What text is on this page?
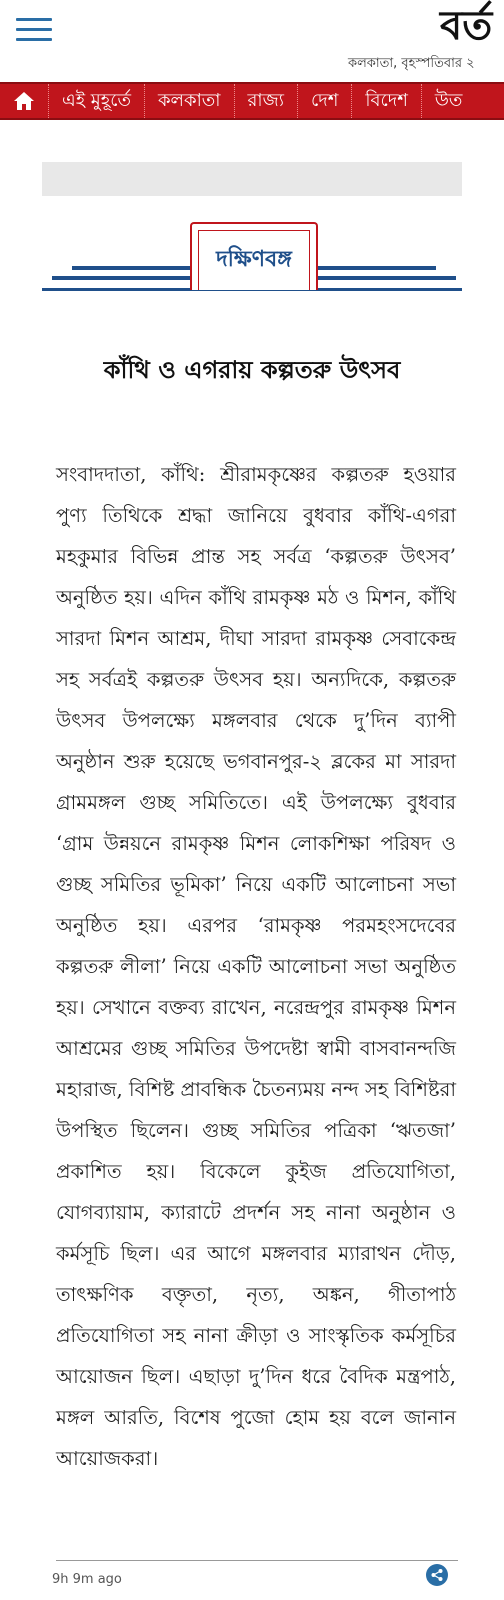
বর্ত
কলকাতা, বৃহস্পতিবার ২
এই মুহূর্তে	কলকাতা	রাজ্য	দেশ	বিদেশ	উত
দক্ষিণবঙ্গ
কাঁথি ও এগরায় কল্পতরু উৎসব
সংবাদদাতা, কাঁথি: শ্রীরামকৃষ্ণের কল্পতরু হওয়ার পুণ্য তিথিকে শ্রদ্ধা জানিয়ে বুধবার কাঁথি-এগরা মহকুমার বিভিন্ন প্রান্ত সহ সর্বত্র ‘কল্পতরু উৎসব’ অনুষ্ঠিত হয়। এদিন কাঁথি রামকৃষ্ণ মঠ ও মিশন, কাঁথি সারদা মিশন আশ্রম, দীঘা সারদা রামকৃষ্ণ সেবাকেন্দ্র সহ সর্বত্রই কল্পতরু উৎসব হয়। অন্যদিকে, কল্পতরু উৎসব উপলক্ষ্যে মঙ্গলবার থেকে দু’দিন ব্যাপী অনুষ্ঠান শুরু হয়েছে ভগবানপুর-২ ব্লকের মা সারদা গ্রামমঙ্গল গুচ্ছ সমিতিতে। এই উপলক্ষ্যে বুধবার ‘গ্রাম উন্নয়নে রামকৃষ্ণ মিশন লোকশিক্ষা পরিষদ ও গুচ্ছ সমিতির ভূমিকা’ নিয়ে একটি আলোচনা সভা অনুষ্ঠিত হয়। এরপর ‘রামকৃষ্ণ পরমহংসদেবের কল্পতরু লীলা’ নিয়ে একটি আলোচনা সভা অনুষ্ঠিত হয়। সেখানে বক্তব্য রাখেন, নরেন্দ্রপুর রামকৃষ্ণ মিশন আশ্রমের গুচ্ছ সমিতির উপদেষ্টা স্বামী বাসবানন্দজি মহারাজ, বিশিষ্ট প্রাবন্ধিক চৈতন্যময় নন্দ সহ বিশিষ্টরা উপস্থিত ছিলেন। গুচ্ছ সমিতির পত্রিকা ‘ঋতজা’ প্রকাশিত হয়। বিকেলে কুইজ প্রতিযোগিতা, যোগব্যায়াম, ক্যারাটে প্রদর্শন সহ নানা অনুষ্ঠান ও কর্মসূচি ছিল। এর আগে মঙ্গলবার ম্যারাথন দৌড়, তাৎক্ষণিক বক্তৃতা, নৃত্য, অঙ্কন, গীতাপাঠ প্রতিযোগিতা সহ নানা ক্রীড়া ও সাংস্কৃতিক কর্মসূচির আয়োজন ছিল। এছাড়া দু’দিন ধরে বৈদিক মন্ত্রপাঠ, মঙ্গল আরতি, বিশেষ পুজো হোম হয় বলে জানান আয়োজকরা।
9h 9m ago
